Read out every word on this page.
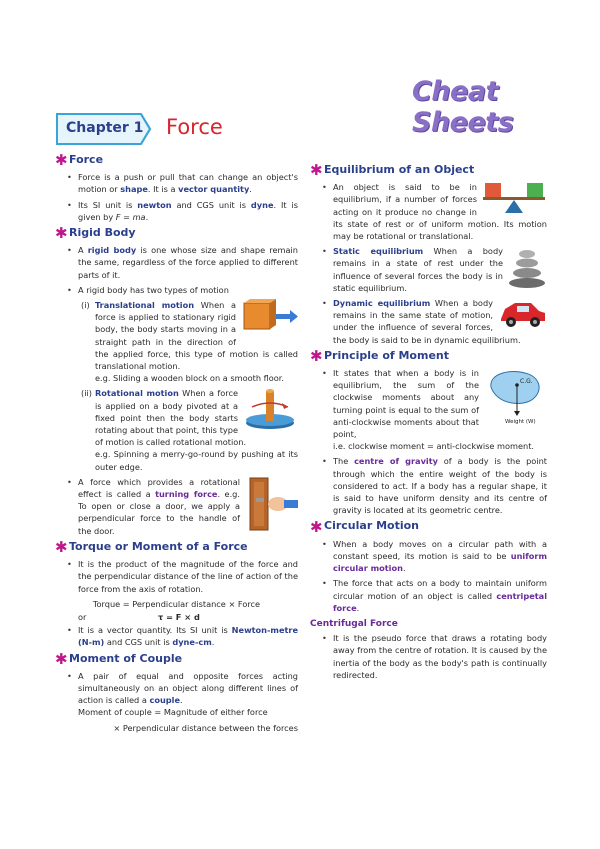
Cheat Sheets
Chapter 1 Force
✱ Force
• Force is a push or pull that can change an object's motion or shape. It is a vector quantity.
• Its SI unit is newton and CGS unit is dyne. It is given by F = ma.
✱ Rigid Body
• A rigid body is one whose size and shape remain the same, regardless of the force applied to different parts of it.
• A rigid body has two types of motion
(i) Translational motion When a force is applied to stationary rigid body, the body starts moving in a straight path in the direction of the applied force, this type of motion is called translational motion.
e.g. Sliding a wooden block on a smooth floor.
(ii) Rotational motion When a force is applied on a body pivoted at a fixed point then the body starts rotating about that point, this type of motion is called rotational motion.
e.g. Spinning a merry-go-round by pushing at its outer edge.
• A force which provides a rotational effect is called a turning force. e.g. To open or close a door, we apply a perpendicular force to the handle of the door.
✱ Torque or Moment of a Force
• It is the product of the magnitude of the force and the perpendicular distance of the line of action of the force from the axis of rotation.
Torque = Perpendicular distance × Force
or	τ = F × d
• It is a vector quantity. Its SI unit is Newton-metre (N-m) and CGS unit is dyne-cm.
✱ Moment of Couple
• A pair of equal and opposite forces acting simultaneously on an object along different lines of action is called a couple.
Moment of couple = Magnitude of either force
× Perpendicular distance between the forces
✱ Equilibrium of an Object
• An object is said to be in equilibrium, if a number of forces acting on it produce no change in its state of rest or of uniform motion. Its motion may be rotational or translational.
• Static equilibrium When a body remains in a state of rest under the influence of several forces the body is in static equilibrium.
• Dynamic equilibrium When a body remains in the same state of motion, under the influence of several forces, the body is said to be in dynamic equilibrium.
✱ Principle of Moment
• C.G.
Weight (W)
It states that when a body is in equilibrium, the sum of the clockwise moments about any turning point is equal to the sum of anti-clockwise moments about that point,
i.e. clockwise moment = anti-clockwise moment.
• The centre of gravity of a body is the point through which the entire weight of the body is considered to act. If a body has a regular shape, it is said to have uniform density and its centre of gravity is located at its geometric centre.
✱ Circular Motion
• When a body moves on a circular path with a constant speed, its motion is said to be uniform circular motion.
• The force that acts on a body to maintain uniform circular motion of an object is called centripetal force.
Centrifugal Force
• It is the pseudo force that draws a rotating body away from the centre of rotation. It is caused by the inertia of the body as the body's path is continually redirected.
